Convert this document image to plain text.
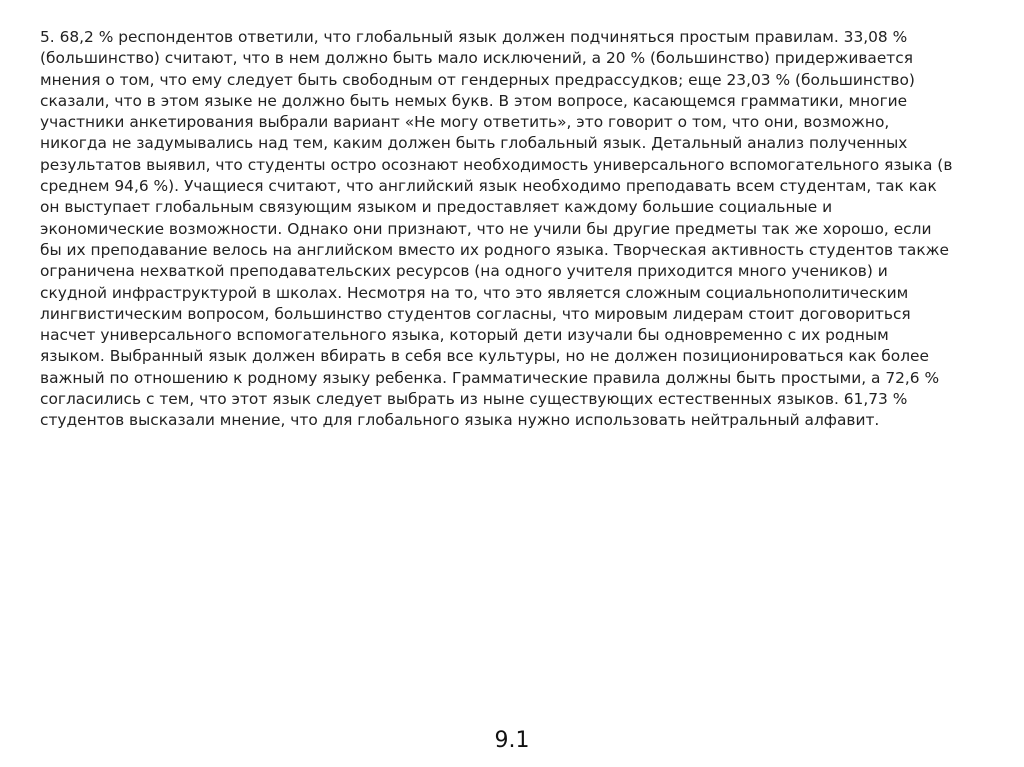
5. 68,2 % респондентов ответили, что глобальный язык должен подчиняться простым правилам. 33,08 %
(большинство) считают, что в нем должно быть мало исключений, а 20 % (большинство) придерживается
мнения о том, что ему следует быть свободным от гендерных предрассудков; еще 23,03 % (большинство)
сказали, что в этом языке не должно быть немых букв. В этом вопросе, касающемся грамматики, многие
участники анкетирования выбрали вариант «Не могу ответить», это говорит о том, что они, возможно,
никогда не задумывались над тем, каким должен быть глобальный язык. Детальный анализ полученных
результатов выявил, что студенты остро осознают необходимость универсального вспомогательного языка (в
среднем 94,6 %). Учащиеся считают, что английский язык необходимо преподавать всем студентам, так как
он выступает глобальным связующим языком и предоставляет каждому большие социальные и
экономические возможности. Однако они признают, что не учили бы другие предметы так же хорошо, если
бы их преподавание велось на английском вместо их родного языка. Творческая активность студентов также
ограничена нехваткой преподавательских ресурсов (на одного учителя приходится много учеников) и
скудной инфраструктурой в школах. Несмотря на то, что это является сложным социальнополитическим
лингвистическим вопросом, большинство студентов согласны, что мировым лидерам стоит договориться
насчет универсального вспомогательного языка, который дети изучали бы одновременно с их родным
языком. Выбранный язык должен вбирать в себя все культуры, но не должен позиционироваться как более
важный по отношению к родному языку ребенка. Грамматические правила должны быть простыми, а 72,6 %
согласились с тем, что этот язык следует выбрать из ныне существующих естественных языков. 61,73 %
студентов высказали мнение, что для глобального языка нужно использовать нейтральный алфавит.
9.1
